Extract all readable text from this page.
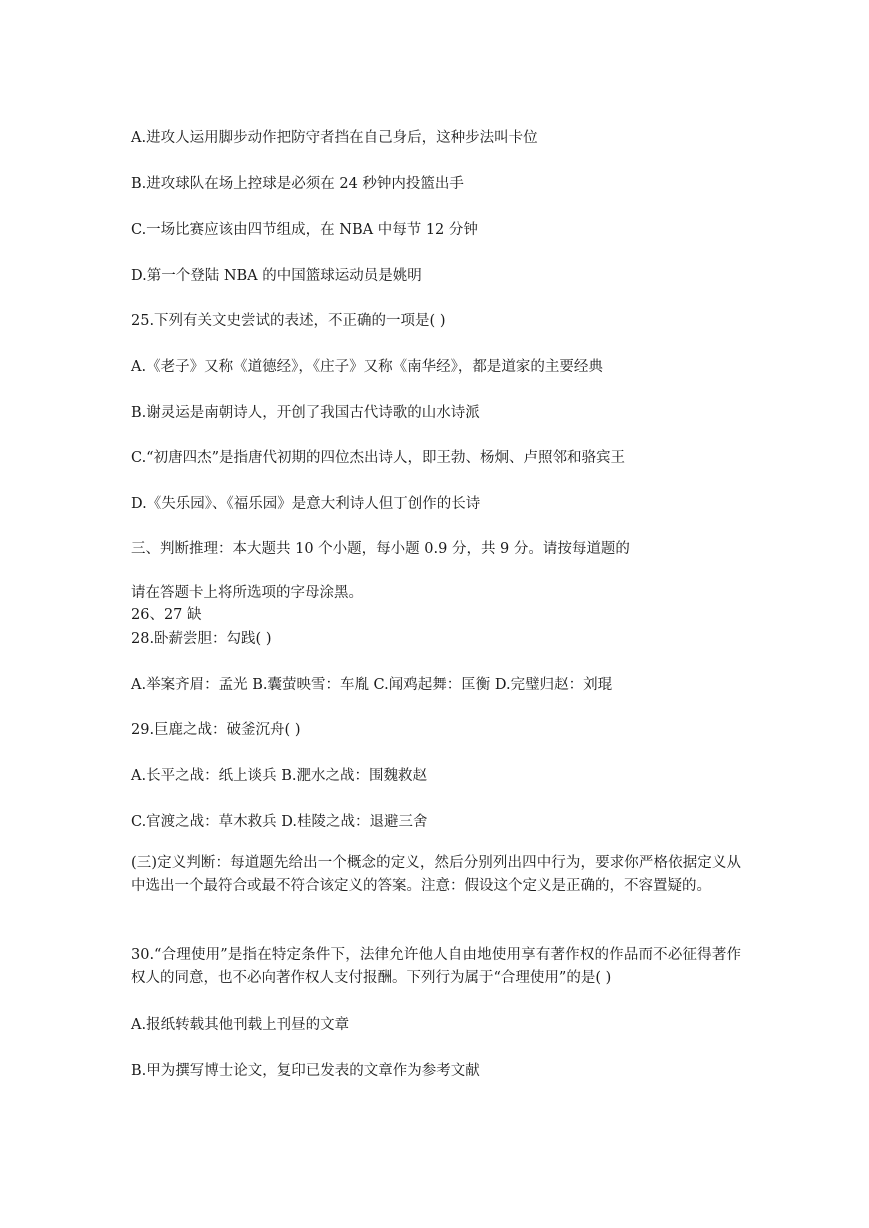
A.进攻人运用脚步动作把防守者挡在自己身后，这种步法叫卡位
B.进攻球队在场上控球是必须在 24 秒钟内投篮出手
C.一场比赛应该由四节组成，在 NBA 中每节 12 分钟
D.第一个登陆 NBA 的中国篮球运动员是姚明
25.下列有关文史尝试的表述，不正确的一项是( )
A.《老子》又称《道德经》，《庄子》又称《南华经》，都是道家的主要经典
B.谢灵运是南朝诗人，开创了我国古代诗歌的山水诗派
C.“初唐四杰”是指唐代初期的四位杰出诗人，即王勃、杨炯、卢照邻和骆宾王
D.《失乐园》、《福乐园》是意大利诗人但丁创作的长诗
三、判断推理：本大题共 10 个小题，每小题 0.9 分，共 9 分。请按每道题的
请在答题卡上将所选项的字母涂黑。
26、27 缺
28.卧薪尝胆：勾践( )
A.举案齐眉：孟光 B.囊萤映雪：车胤 C.闻鸡起舞：匡衡 D.完璧归赵：刘琨
29.巨鹿之战：破釜沉舟( )
A.长平之战：纸上谈兵 B.淝水之战：围魏救赵
C.官渡之战：草木救兵 D.桂陵之战：退避三舍
(三)定义判断：每道题先给出一个概念的定义，然后分别列出四中行为，要求你严格依据定义从中选出一个最符合或最不符合该定义的答案。注意：假设这个定义是正确的，不容置疑的。
30.“合理使用”是指在特定条件下，法律允许他人自由地使用享有著作权的作品而不必征得著作权人的同意，也不必向著作权人支付报酬。下列行为属于“合理使用”的是( )
A.报纸转载其他刊载上刊昼的文章
B.甲为撰写博士论文，复印已发表的文章作为参考文献
